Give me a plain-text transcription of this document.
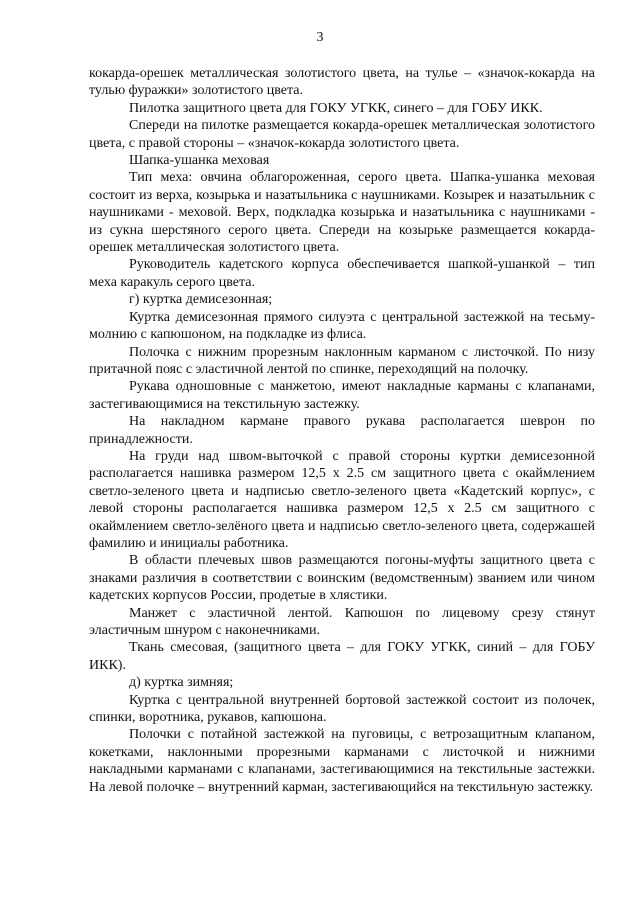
3

кокарда-орешек металлическая золотистого цвета, на тулье – «значок-кокарда на тулью фуражки» золотистого цвета.

Пилотка защитного цвета для ГОКУ УГКК, синего – для ГОБУ ИКК.

Спереди на пилотке размещается кокарда-орешек металлическая золотистого цвета, с правой стороны – «значок-кокарда золотистого цвета.

Шапка-ушанка меховая

Тип меха: овчина облагороженная, серого цвета. Шапка-ушанка меховая состоит из верха, козырька и назатыльника с наушниками. Козырек и назатыльник с наушниками - меховой. Верх, подкладка козырька и назатыльника с наушниками - из сукна шерстяного серого цвета. Спереди на козырьке размещается кокарда-орешек металлическая золотистого цвета.

Руководитель кадетского корпуса обеспечивается шапкой-ушанкой – тип меха каракуль серого цвета.

г) куртка демисезонная;

Куртка демисезонная прямого силуэта с центральной застежкой на тесьму-молнию с капюшоном, на подкладке из флиса.

Полочка с нижним прорезным наклонным карманом с листочкой. По низу притачной пояс с эластичной лентой по спинке, переходящий на полочку.

Рукава одношовные с манжетою, имеют накладные карманы с клапанами, застегивающимися на текстильную застежку.

На накладном кармане правого рукава располагается шеврон по принадлежности.

На груди над швом-выточкой с правой стороны куртки демисезонной располагается нашивка размером 12,5 х 2.5 см защитного цвета с окаймлением светло-зеленого цвета и надписью светло-зеленого цвета «Кадетский корпус», с левой стороны располагается нашивка размером 12,5 х 2.5 см защитного с окаймлением светло-зелёного цвета и надписью светло-зеленого цвета, содержашей фамилию и инициалы работника.

В области плечевых швов размещаются погоны-муфты защитного цвета с знаками различия в соответствии с воинским (ведомственным) званием или чином кадетских корпусов России, продетые в хлястики.

Манжет с эластичной лентой. Капюшон по лицевому срезу стянут эластичным шнуром с наконечниками.

Ткань смесовая, (защитного цвета – для ГОКУ УГКК, синий – для ГОБУ ИКК).

д) куртка зимняя;

Куртка с центральной внутренней бортовой застежкой состоит из полочек, спинки, воротника, рукавов, капюшона.

Полочки с потайной застежкой на пуговицы, с ветрозащитным клапаном, кокетками, наклонными прорезными карманами с листочкой и нижними накладными карманами с клапанами, застегивающимися на текстильные застежки. На левой полочке – внутренний карман, застегивающийся на текстильную застежку.
